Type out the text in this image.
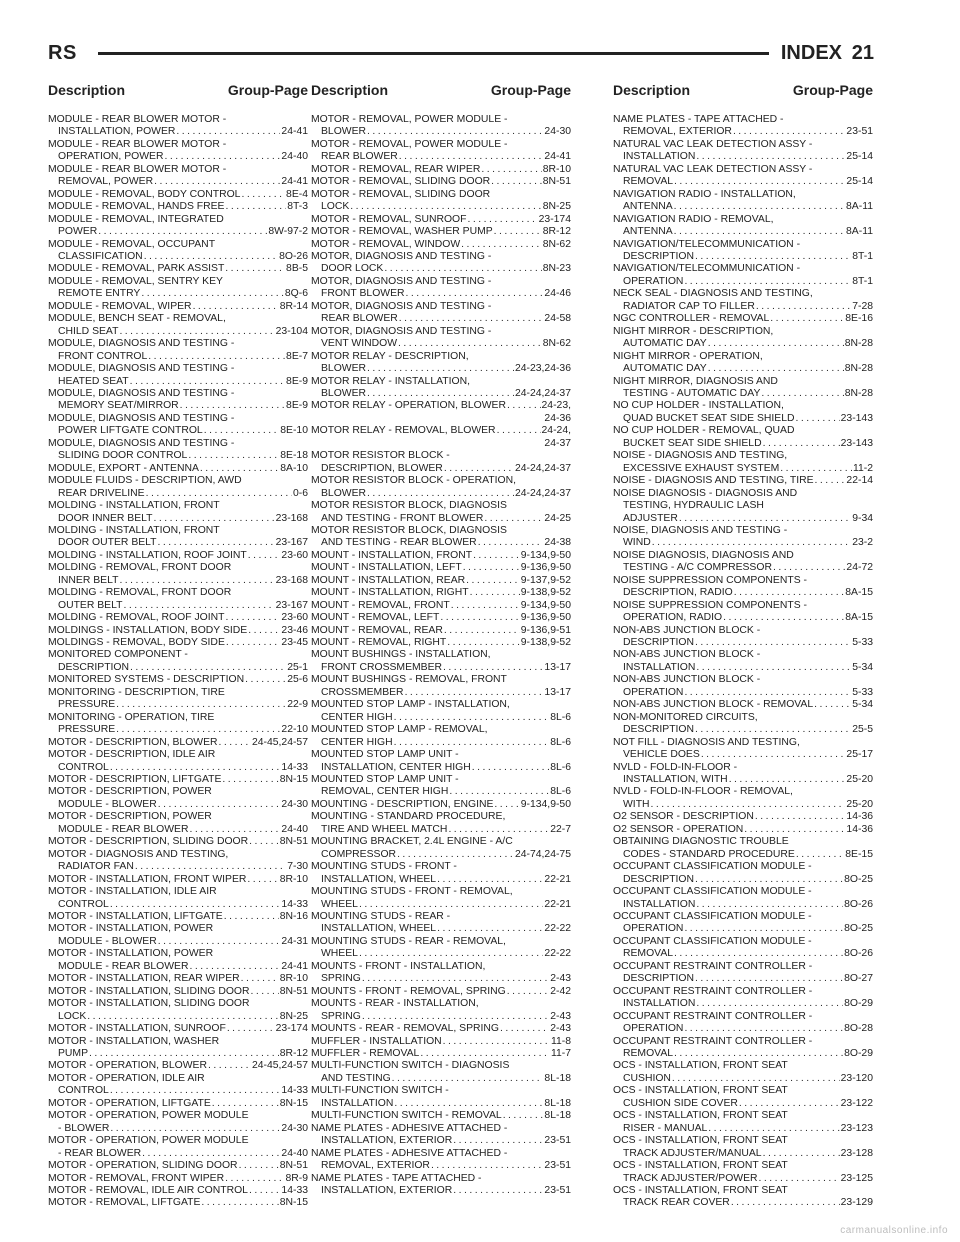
RS	INDEX 21
Description	Group-Page Description	Group-Page	Description	Group-Page
MODULE - REAR BLOWER MOTOR -
INSTALLATION, POWER . . .	24-41
MODULE - REAR BLOWER MOTOR -
OPERATION, POWER . . .	24-40
MODULE - REAR BLOWER MOTOR -
REMOVAL, POWER . . .	24-41
MODULE - REMOVAL, BODY CONTROL . . .	8E-4
MODULE - REMOVAL, HANDS FREE . . .	8T-3
MODULE - REMOVAL, INTEGRATED
POWER . . .	8W-97-2
MODULE - REMOVAL, OCCUPANT
CLASSIFICATION . . .	8O-26
MODULE - REMOVAL, PARK ASSIST . . .	8B-5
MODULE - REMOVAL, SENTRY KEY
REMOTE ENTRY . . .	8Q-6
MODULE - REMOVAL, WIPER . . .	8R-14
MODULE, BENCH SEAT - REMOVAL,
CHILD SEAT . . .	23-104
MODULE, DIAGNOSIS AND TESTING -
FRONT CONTROL . . .	8E-7
MODULE, DIAGNOSIS AND TESTING -
HEATED SEAT . . .	8E-9
MODULE, DIAGNOSIS AND TESTING -
MEMORY SEAT/MIRROR . . .	8E-9
MODULE, DIAGNOSIS AND TESTING -
POWER LIFTGATE CONTROL . . .	8E-10
MODULE, DIAGNOSIS AND TESTING -
SLIDING DOOR CONTROL . . .	8E-18
MODULE, EXPORT - ANTENNA . . .	8A-10
MODULE FLUIDS - DESCRIPTION, AWD
REAR DRIVELINE . . .	0-6
MOLDING - INSTALLATION, FRONT
DOOR INNER BELT . . .	23-168
MOLDING - INSTALLATION, FRONT
DOOR OUTER BELT . . .	23-167
MOLDING - INSTALLATION, ROOF JOINT . . .	23-60
MOLDING - REMOVAL, FRONT DOOR
INNER BELT . . .	23-168
MOLDING - REMOVAL, FRONT DOOR
OUTER BELT . . .	23-167
MOLDING - REMOVAL, ROOF JOINT . . .	23-60
MOLDINGS - INSTALLATION, BODY SIDE . . .	23-46
MOLDINGS - REMOVAL, BODY SIDE . . .	23-45
MONITORED COMPONENT -
DESCRIPTION . . .	25-1
MONITORED SYSTEMS - DESCRIPTION . . .	25-6
MONITORING - DESCRIPTION, TIRE
PRESSURE . . .	22-9
MONITORING - OPERATION, TIRE
PRESSURE . . .	22-10
MOTOR - DESCRIPTION, BLOWER . . .	24-45,24-57
MOTOR - DESCRIPTION, IDLE AIR
CONTROL . . .	14-33
MOTOR - DESCRIPTION, LIFTGATE . . .	8N-15
MOTOR - DESCRIPTION, POWER
MODULE - BLOWER . . .	24-30
MOTOR - DESCRIPTION, POWER
MODULE - REAR BLOWER . . .	24-40
MOTOR - DESCRIPTION, SLIDING DOOR . . .	8N-51
MOTOR - DIAGNOSIS AND TESTING,
RADIATOR FAN . . .	7-30
MOTOR - INSTALLATION, FRONT WIPER . . .	8R-10
MOTOR - INSTALLATION, IDLE AIR
CONTROL . . .	14-33
MOTOR - INSTALLATION, LIFTGATE . . .	8N-16
MOTOR - INSTALLATION, POWER
MODULE - BLOWER . . .	24-31
MOTOR - INSTALLATION, POWER
MODULE - REAR BLOWER . . .	24-41
MOTOR - INSTALLATION, REAR WIPER . . .	8R-10
MOTOR - INSTALLATION, SLIDING DOOR . . .	8N-51
MOTOR - INSTALLATION, SLIDING DOOR
LOCK . . .	8N-25
MOTOR - INSTALLATION, SUNROOF . . .	23-174
MOTOR - INSTALLATION, WASHER
PUMP . . .	8R-12
MOTOR - OPERATION, BLOWER . . .	24-45,24-57
MOTOR - OPERATION, IDLE AIR
CONTROL . . .	14-33
MOTOR - OPERATION, LIFTGATE . . .	8N-15
MOTOR - OPERATION, POWER MODULE
- BLOWER . . .	24-30
MOTOR - OPERATION, POWER MODULE
- REAR BLOWER . . .	24-40
MOTOR - OPERATION, SLIDING DOOR . . .	8N-51
MOTOR - REMOVAL, FRONT WIPER . . .	8R-9
MOTOR - REMOVAL, IDLE AIR CONTROL . . .	14-33
MOTOR - REMOVAL, LIFTGATE . . .	8N-15
MOTOR - REMOVAL, POWER MODULE -
BLOWER . . .	24-30
MOTOR - REMOVAL, POWER MODULE -
REAR BLOWER . . .	24-41
MOTOR - REMOVAL, REAR WIPER . . .	8R-10
MOTOR - REMOVAL, SLIDING DOOR . . .	8N-51
MOTOR - REMOVAL, SLIDING DOOR
LOCK . . .	8N-25
MOTOR - REMOVAL, SUNROOF . . .	23-174
MOTOR - REMOVAL, WASHER PUMP . . .	8R-12
MOTOR - REMOVAL, WINDOW . . .	8N-62
MOTOR, DIAGNOSIS AND TESTING -
DOOR LOCK . . .	8N-23
MOTOR, DIAGNOSIS AND TESTING -
FRONT BLOWER . . .	24-46
MOTOR, DIAGNOSIS AND TESTING -
REAR BLOWER . . .	24-58
MOTOR, DIAGNOSIS AND TESTING -
VENT WINDOW . . .	8N-62
MOTOR RELAY - DESCRIPTION,
BLOWER . . .	24-23,24-36
MOTOR RELAY - INSTALLATION,
BLOWER . . .	24-24,24-37
MOTOR RELAY - OPERATION, BLOWER . . .	24-23,
24-36
MOTOR RELAY - REMOVAL, BLOWER . . .	24-24,
24-37
MOTOR RESISTOR BLOCK -
DESCRIPTION, BLOWER . . .	24-24,24-37
MOTOR RESISTOR BLOCK - OPERATION,
BLOWER . . .	24-24,24-37
MOTOR RESISTOR BLOCK, DIAGNOSIS
AND TESTING - FRONT BLOWER . . .	24-25
MOTOR RESISTOR BLOCK, DIAGNOSIS
AND TESTING - REAR BLOWER . . .	24-38
MOUNT - INSTALLATION, FRONT . . .	9-134,9-50
MOUNT - INSTALLATION, LEFT . . .	9-136,9-50
MOUNT - INSTALLATION, REAR . . .	9-137,9-52
MOUNT - INSTALLATION, RIGHT . . .	9-138,9-52
MOUNT - REMOVAL, FRONT . . .	9-134,9-50
MOUNT - REMOVAL, LEFT . . .	9-136,9-50
MOUNT - REMOVAL, REAR . . .	9-136,9-51
MOUNT - REMOVAL, RIGHT . . .	9-138,9-52
MOUNT BUSHINGS - INSTALLATION,
FRONT CROSSMEMBER . . .	13-17
MOUNT BUSHINGS - REMOVAL, FRONT
CROSSMEMBER . . .	13-17
MOUNTED STOP LAMP - INSTALLATION,
CENTER HIGH . . .	8L-6
MOUNTED STOP LAMP - REMOVAL,
CENTER HIGH . . .	8L-6
MOUNTED STOP LAMP UNIT -
INSTALLATION, CENTER HIGH . . .	8L-6
MOUNTED STOP LAMP UNIT -
REMOVAL, CENTER HIGH . . .	8L-6
MOUNTING - DESCRIPTION, ENGINE . . .	9-134,9-50
MOUNTING - STANDARD PROCEDURE,
TIRE AND WHEEL MATCH . . .	22-7
MOUNTING BRACKET, 2.4L ENGINE - A/C
COMPRESSOR . . .	24-74,24-75
MOUNTING STUDS - FRONT -
INSTALLATION, WHEEL . . .	22-21
MOUNTING STUDS - FRONT - REMOVAL,
WHEEL . . .	22-21
MOUNTING STUDS - REAR -
INSTALLATION, WHEEL . . .	22-22
MOUNTING STUDS - REAR - REMOVAL,
WHEEL . . .	22-22
MOUNTS - FRONT - INSTALLATION,
SPRING . . .	2-43
MOUNTS - FRONT - REMOVAL, SPRING . . .	2-42
MOUNTS - REAR - INSTALLATION,
SPRING . . .	2-43
MOUNTS - REAR - REMOVAL, SPRING . . .	2-43
MUFFLER - INSTALLATION . . .	11-8
MUFFLER - REMOVAL . . .	11-7
MULTI-FUNCTION SWITCH - DIAGNOSIS
AND TESTING . . .	8L-18
MULTI-FUNCTION SWITCH -
INSTALLATION . . .	8L-18
MULTI-FUNCTION SWITCH - REMOVAL . . .	8L-18
NAME PLATES - ADHESIVE ATTACHED -
INSTALLATION, EXTERIOR . . .	23-51
NAME PLATES - ADHESIVE ATTACHED -
REMOVAL, EXTERIOR . . .	23-51
NAME PLATES - TAPE ATTACHED -
INSTALLATION, EXTERIOR . . .	23-51
NAME PLATES - TAPE ATTACHED -
REMOVAL, EXTERIOR . . .	23-51
NATURAL VAC LEAK DETECTION ASSY -
INSTALLATION . . .	25-14
NATURAL VAC LEAK DETECTION ASSY -
REMOVAL . . .	25-14
NAVIGATION RADIO - INSTALLATION,
ANTENNA . . .	8A-11
NAVIGATION RADIO - REMOVAL,
ANTENNA . . .	8A-11
NAVIGATION/TELECOMMUNICATION -
DESCRIPTION . . .	8T-1
NAVIGATION/TELECOMMUNICATION -
OPERATION . . .	8T-1
NECK SEAL - DIAGNOSIS AND TESTING,
RADIATOR CAP TO FILLER . . .	7-28
NGC CONTROLLER - REMOVAL . . .	8E-16
NIGHT MIRROR - DESCRIPTION,
AUTOMATIC DAY . . .	8N-28
NIGHT MIRROR - OPERATION,
AUTOMATIC DAY . . .	8N-28
NIGHT MIRROR, DIAGNOSIS AND
TESTING - AUTOMATIC DAY . . .	8N-28
NO CUP HOLDER - INSTALLATION,
QUAD BUCKET SEAT SIDE SHIELD . . .	23-143
NO CUP HOLDER - REMOVAL, QUAD
BUCKET SEAT SIDE SHIELD . . .	23-143
NOISE - DIAGNOSIS AND TESTING,
EXCESSIVE EXHAUST SYSTEM . . .	11-2
NOISE - DIAGNOSIS AND TESTING, TIRE . . .	22-14
NOISE DIAGNOSIS - DIAGNOSIS AND
TESTING, HYDRAULIC LASH
ADJUSTER . . .	9-34
NOISE, DIAGNOSIS AND TESTING -
WIND . . .	23-2
NOISE DIAGNOSIS, DIAGNOSIS AND
TESTING - A/C COMPRESSOR . . .	24-72
NOISE SUPPRESSION COMPONENTS -
DESCRIPTION, RADIO . . .	8A-15
NOISE SUPPRESSION COMPONENTS -
OPERATION, RADIO . . .	8A-15
NON-ABS JUNCTION BLOCK -
DESCRIPTION . . .	5-33
NON-ABS JUNCTION BLOCK -
INSTALLATION . . .	5-34
NON-ABS JUNCTION BLOCK -
OPERATION . . .	5-33
NON-ABS JUNCTION BLOCK - REMOVAL . . .	5-34
NON-MONITORED CIRCUITS,
DESCRIPTION . . .	25-5
NOT FILL - DIAGNOSIS AND TESTING,
VEHICLE DOES . . .	25-17
NVLD - FOLD-IN-FLOOR -
INSTALLATION, WITH . . .	25-20
NVLD - FOLD-IN-FLOOR - REMOVAL,
WITH . . .	25-20
O2 SENSOR - DESCRIPTION . . .	14-36
O2 SENSOR - OPERATION . . .	14-36
OBTAINING DIAGNOSTIC TROUBLE
CODES - STANDARD PROCEDURE . . .	8E-15
OCCUPANT CLASSIFICATION MODULE -
DESCRIPTION . . .	8O-25
OCCUPANT CLASSIFICATION MODULE -
INSTALLATION . . .	8O-26
OCCUPANT CLASSIFICATION MODULE -
OPERATION . . .	8O-25
OCCUPANT CLASSIFICATION MODULE -
REMOVAL . . .	8O-26
OCCUPANT RESTRAINT CONTROLLER -
DESCRIPTION . . .	8O-27
OCCUPANT RESTRAINT CONTROLLER -
INSTALLATION . . .	8O-29
OCCUPANT RESTRAINT CONTROLLER -
OPERATION . . .	8O-28
OCCUPANT RESTRAINT CONTROLLER -
REMOVAL . . .	8O-29
OCS - INSTALLATION, FRONT SEAT
CUSHION . . .	23-120
OCS - INSTALLATION, FRONT SEAT
CUSHION SIDE COVER . . .	23-122
OCS - INSTALLATION, FRONT SEAT
RISER - MANUAL . . .	23-123
OCS - INSTALLATION, FRONT SEAT
TRACK ADJUSTER/MANUAL . . .	23-128
OCS - INSTALLATION, FRONT SEAT
TRACK ADJUSTER/POWER . . .	23-125
OCS - INSTALLATION, FRONT SEAT
TRACK REAR COVER . . .	23-129
carmanualsonline.info
